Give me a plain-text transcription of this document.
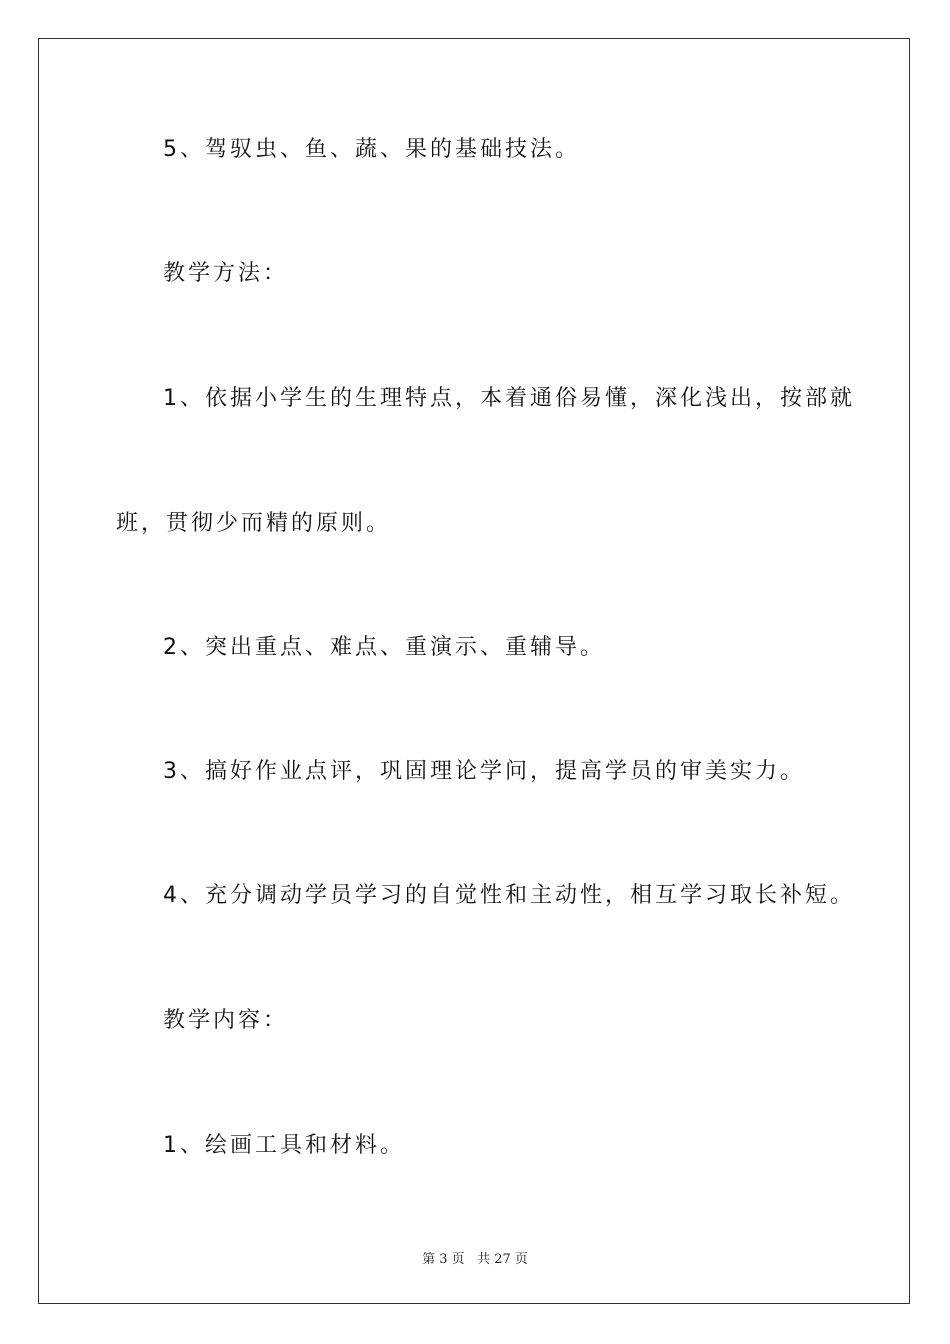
5、驾驭虫、鱼、蔬、果的基础技法。
教学方法：
1、依据小学生的生理特点，本着通俗易懂，深化浅出，按部就
班，贯彻少而精的原则。
2、突出重点、难点、重演示、重辅导。
3、搞好作业点评，巩固理论学问，提高学员的审美实力。
4、充分调动学员学习的自觉性和主动性，相互学习取长补短。
教学内容：
1、绘画工具和材料。
第 3 页 共 27 页
